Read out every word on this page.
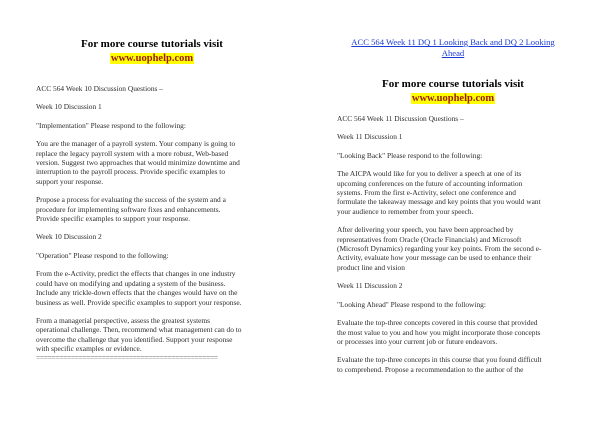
For more course tutorials visit
www.uophelp.com

ACC 564 Week 10 Discussion Questions –

Week 10 Discussion 1

"Implementation" Please respond to the following:

You are the manager of a payroll system. Your company is going to
replace the legacy payroll system with a more robust, Web-based
version. Suggest two approaches that would minimize downtime and
interruption to the payroll process. Provide specific examples to
support your response.

Propose a process for evaluating the success of the system and a
procedure for implementing software fixes and enhancements.
Provide specific examples to support your response.

Week 10 Discussion 2

"Operation" Please respond to the following:

From the e-Activity, predict the effects that changes in one industry
could have on modifying and updating a system of the business.
Include any trickle-down effects that the changes would have on the
business as well. Provide specific examples to support your response.

From a managerial perspective, assess the greatest systems
operational challenge. Then, recommend what management can do to
overcome the challenge that you identified. Support your response
with specific examples or evidence.

===============================================
ACC 564 Week 11 DQ 1 Looking Back and DQ 2 Looking
Ahead
For more course tutorials visit
www.uophelp.com

ACC 564 Week 11 Discussion Questions –

Week 11 Discussion 1

"Looking Back" Please respond to the following:

The AICPA would like for you to deliver a speech at one of its
upcoming conferences on the future of accounting information
systems. From the first e-Activity, select one conference and
formulate the takeaway message and key points that you would want
your audience to remember from your speech.

After delivering your speech, you have been approached by
representatives from Oracle (Oracle Financials) and Microsoft
(Microsoft Dynamics) regarding your key points. From the second e-
Activity, evaluate how your message can be used to enhance their
product line and vision

Week 11 Discussion 2

"Looking Ahead" Please respond to the following:

Evaluate the top-three concepts covered in this course that provided
the most value to you and how you might incorporate those concepts
or processes into your current job or future endeavors.

Evaluate the top-three concepts in this course that you found difficult
to comprehend. Propose a recommendation to the author of the
